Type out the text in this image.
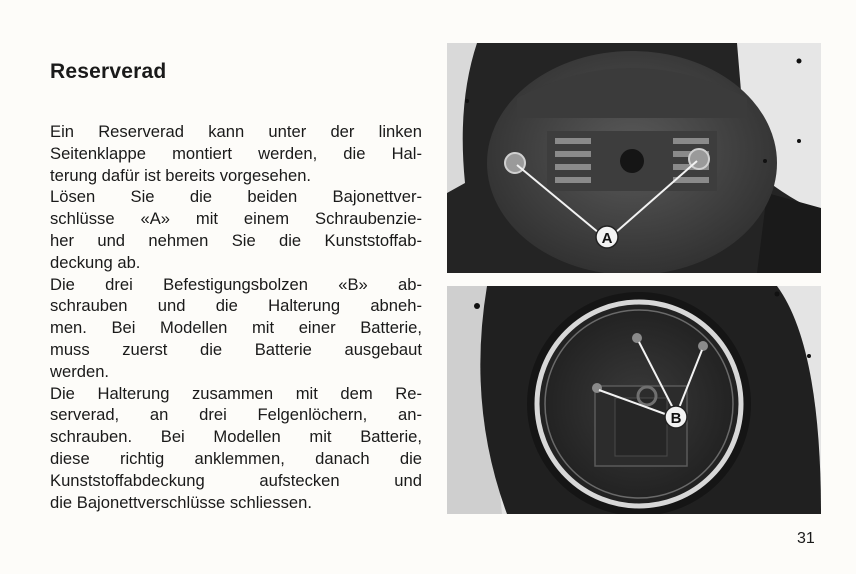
Reserverad
Ein Reserverad kann unter der linken
Seitenklappe montiert werden, die Hal-
terung dafür ist bereits vorgesehen.
Lösen Sie die beiden Bajonettver-
schlüsse «A» mit einem Schraubenzie-
her und nehmen Sie die Kunststoffab-
deckung ab.
Die drei Befestigungsbolzen «B» ab-
schrauben und die Halterung abneh-
men. Bei Modellen mit einer Batterie,
muss zuerst die Batterie ausgebaut
werden.
Die Halterung zusammen mit dem Re-
serverad, an drei Felgenlöchern, an-
schrauben. Bei Modellen mit Batterie,
diese richtig anklemmen, danach die
Kunststoffabdeckung aufstecken und
die Bajonettverschlüsse schliessen.
A
B
31
